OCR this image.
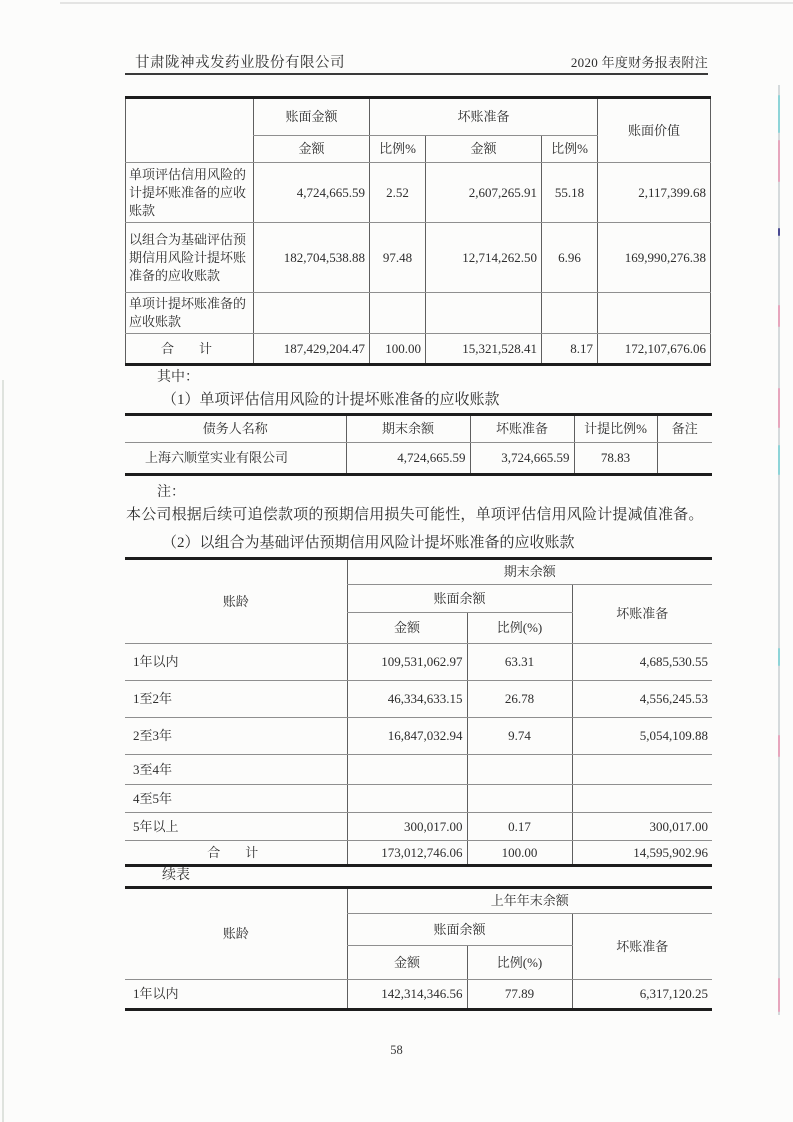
甘肃陇神戎发药业股份有限公司	2020 年度财务报表附注
	账面金额	坏账准备			账面价值
	金额	比例%	金额	比例%	
单项评估信用风险的计提坏账准备的应收账款	4,724,665.59	2.52	2,607,265.91	55.18	2,117,399.68
以组合为基础评估预期信用风险计提坏账准备的应收账款	182,704,538.88	97.48	12,714,262.50	6.96	169,990,276.38
单项计提坏账准备的应收账款					
合　计	187,429,204.47	100.00	15,321,528.41	8.17	172,107,676.06
其中：
（1）单项评估信用风险的计提坏账准备的应收账款
债务人名称	期末余额	坏账准备	计提比例%	备注
上海六顺堂实业有限公司	4,724,665.59	3,724,665.59	78.83	
注：
本公司根据后续可追偿款项的预期信用损失可能性，单项评估信用风险计提减值准备。
（2）以组合为基础评估预期信用风险计提坏账准备的应收账款
账龄	期末余额		
	账面余额		坏账准备
	金额	比例(%)	
1年以内	109,531,062.97	63.31	4,685,530.55
1至2年	46,334,633.15	26.78	4,556,245.53
2至3年	16,847,032.94	9.74	5,054,109.88
3至4年			
4至5年			
5年以上	300,017.00	0.17	300,017.00
合　计	173,012,746.06	100.00	14,595,902.96
续表
账龄	上年年末余额		
	账面余额		坏账准备
	金额	比例(%)	
1年以内	142,314,346.56	77.89	6,317,120.25
58
